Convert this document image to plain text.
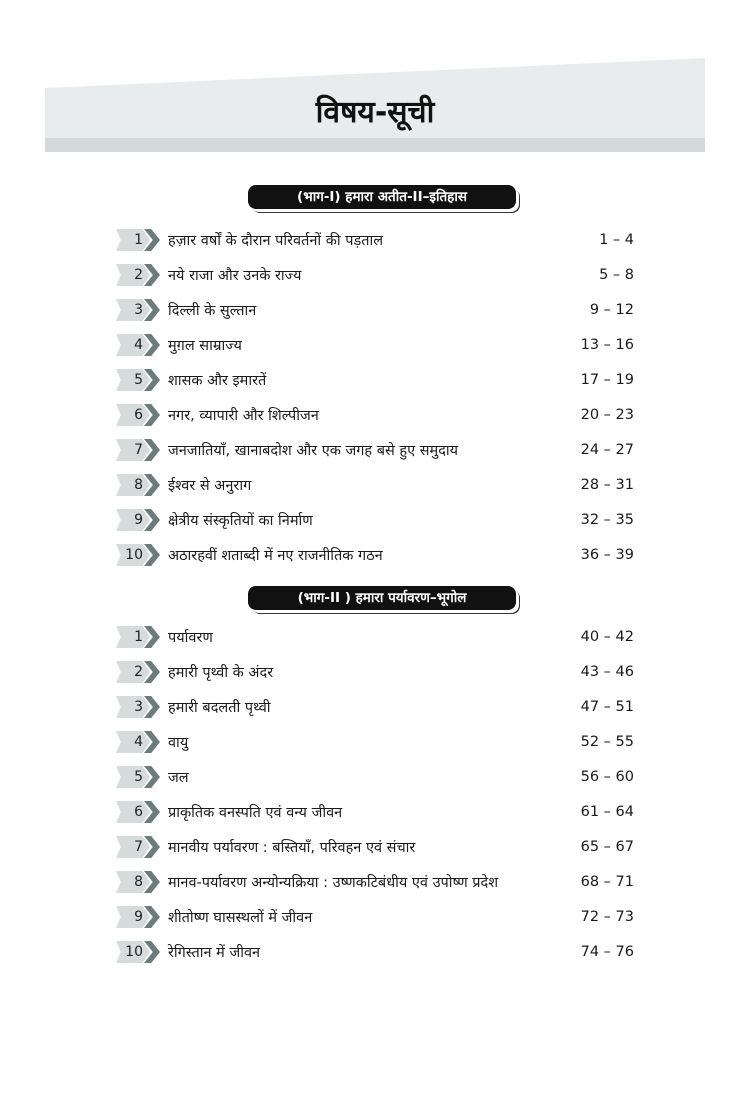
विषय-सूची
(भाग-I) हमारा अतीत-II–इतिहास
1 हज़ार वर्षों के दौरान परिवर्तनों की पड़ताल	1 – 4
2 नये राजा और उनके राज्य	5 – 8
3 दिल्ली के सुल्तान	9 – 12
4 मुग़ल साम्राज्य	13 – 16
5 शासक और इमारतें	17 – 19
6 नगर, व्यापारी और शिल्पीजन	20 – 23
7 जनजातियाँ, खानाबदोश और एक जगह बसे हुए समुदाय	24 – 27
8 ईश्वर से अनुराग	28 – 31
9 क्षेत्रीय संस्कृतियों का निर्माण	32 – 35
10 अठारहवीं शताब्दी में नए राजनीतिक गठन	36 – 39
(भाग-II ) हमारा पर्यावरण–भूगोल
1 पर्यावरण	40 – 42
2 हमारी पृथ्वी के अंदर	43 – 46
3 हमारी बदलती पृथ्वी	47 – 51
4 वायु	52 – 55
5 जल	56 – 60
6 प्राकृतिक वनस्पति एवं वन्य जीवन	61 – 64
7 मानवीय पर्यावरण : बस्तियाँ, परिवहन एवं संचार	65 – 67
8 मानव-पर्यावरण अन्योन्यक्रिया : उष्णकटिबंधीय एवं उपोष्ण प्रदेश	68 – 71
9 शीतोष्ण घासस्थलों में जीवन	72 – 73
10 रेगिस्तान में जीवन	74 – 76
